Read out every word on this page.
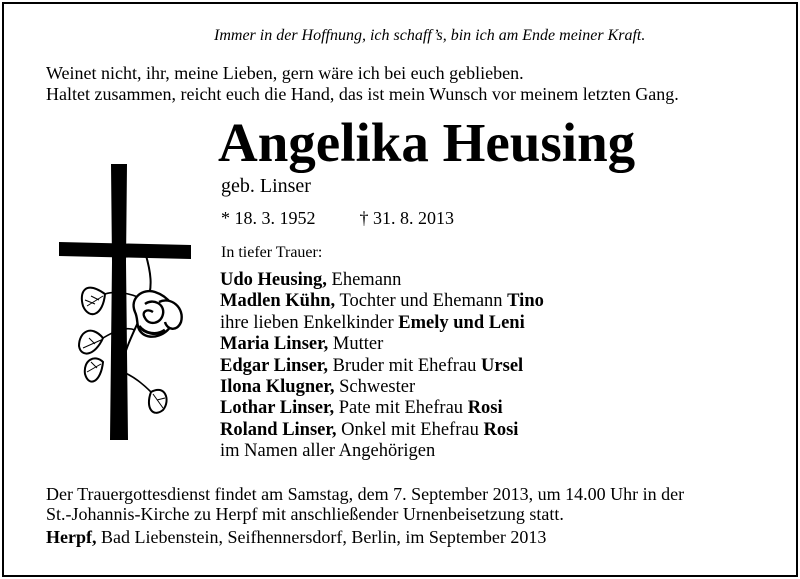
Immer in der Hoffnung, ich schaff’s, bin ich am Ende meiner Kraft.
Weinet nicht, ihr, meine Lieben, gern wäre ich bei euch geblieben.
Haltet zusammen, reicht euch die Hand, das ist mein Wunsch vor meinem letzten Gang.
Angelika Heusing
geb. Linser
* 18. 3. 1952 † 31. 8. 2013
In tiefer Trauer:
Udo Heusing, Ehemann
Madlen Kühn, Tochter und Ehemann Tino
ihre lieben Enkelkinder Emely und Leni
Maria Linser, Mutter
Edgar Linser, Bruder mit Ehefrau Ursel
Ilona Klugner, Schwester
Lothar Linser, Pate mit Ehefrau Rosi
Roland Linser, Onkel mit Ehefrau Rosi
im Namen aller Angehörigen
Der Trauergottesdienst findet am Samstag, dem 7. September 2013, um 14.00 Uhr in der
St.-Johannis-Kirche zu Herpf mit anschließender Urnenbeisetzung statt.
Herpf, Bad Liebenstein, Seifhennersdorf, Berlin, im September 2013
